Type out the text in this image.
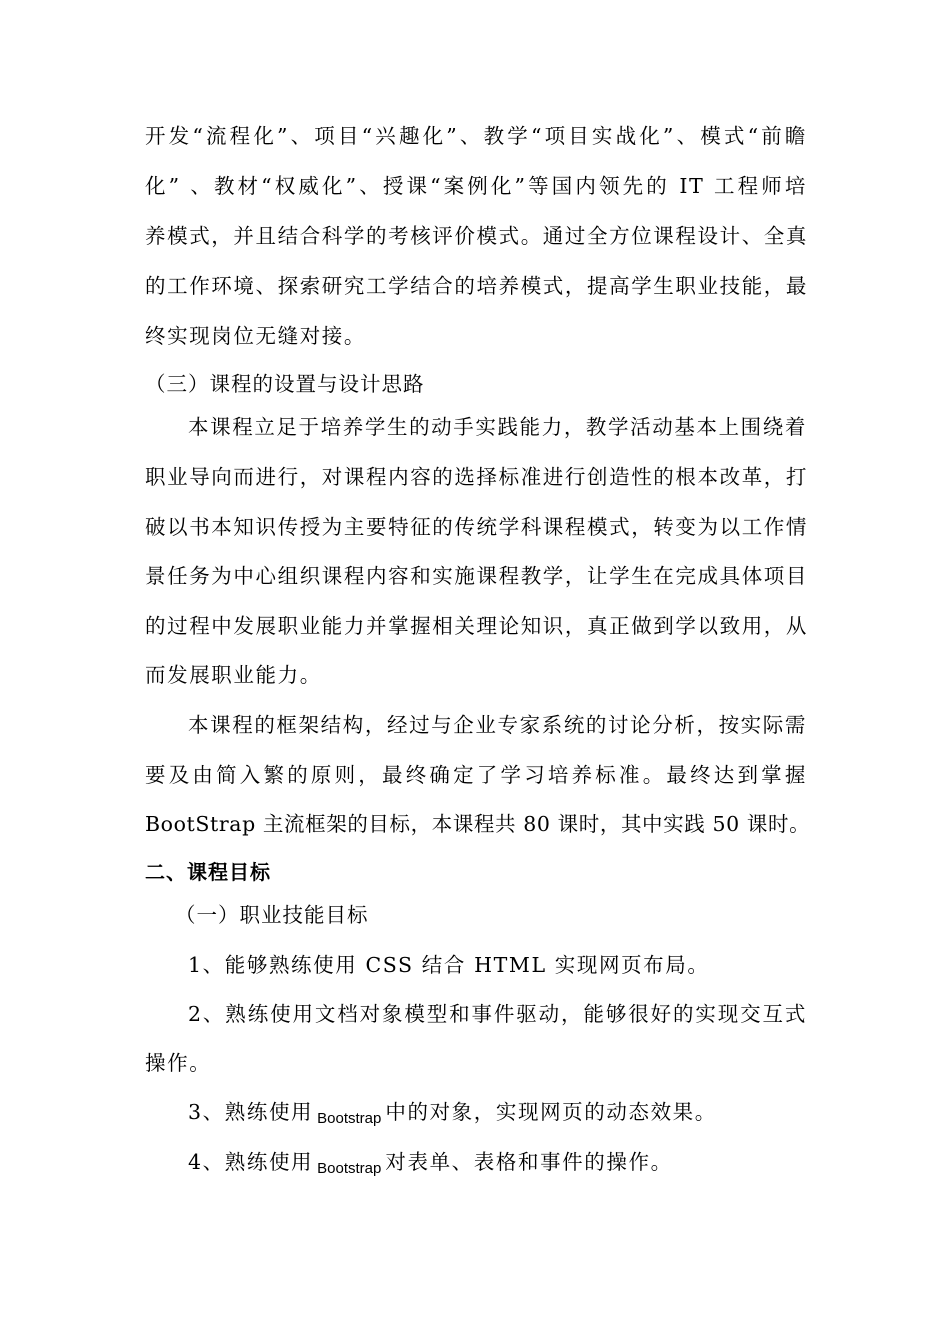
开发“流程化”、项目“兴趣化”、教学“项目实战化”、模式“前瞻

化” 、教材“权威化”、授课“案例化”等国内领先的 IT 工程师培

养模式，并且结合科学的考核评价模式。通过全方位课程设计、全真

的工作环境、探索研究工学结合的培养模式，提高学生职业技能，最

终实现岗位无缝对接。

（三）课程的设置与设计思路

本课程立足于培养学生的动手实践能力，教学活动基本上围绕着

职业导向而进行，对课程内容的选择标准进行创造性的根本改革，打

破以书本知识传授为主要特征的传统学科课程模式，转变为以工作情

景任务为中心组织课程内容和实施课程教学，让学生在完成具体项目

的过程中发展职业能力并掌握相关理论知识，真正做到学以致用，从

而发展职业能力。

本课程的框架结构，经过与企业专家系统的讨论分析，按实际需

要及由简入繁的原则，最终确定了学习培养标准。最终达到掌握

BootStrap 主流框架的目标，本课程共 80 课时，其中实践 50 课时。

二、课程目标

（一）职业技能目标

1、能够熟练使用 CSS 结合 HTML 实现网页布局。

2、熟练使用文档对象模型和事件驱动，能够很好的实现交互式

操作。

3、熟练使用 Bootstrap 中的对象，实现网页的动态效果。

4、熟练使用 Bootstrap 对表单、表格和事件的操作。
